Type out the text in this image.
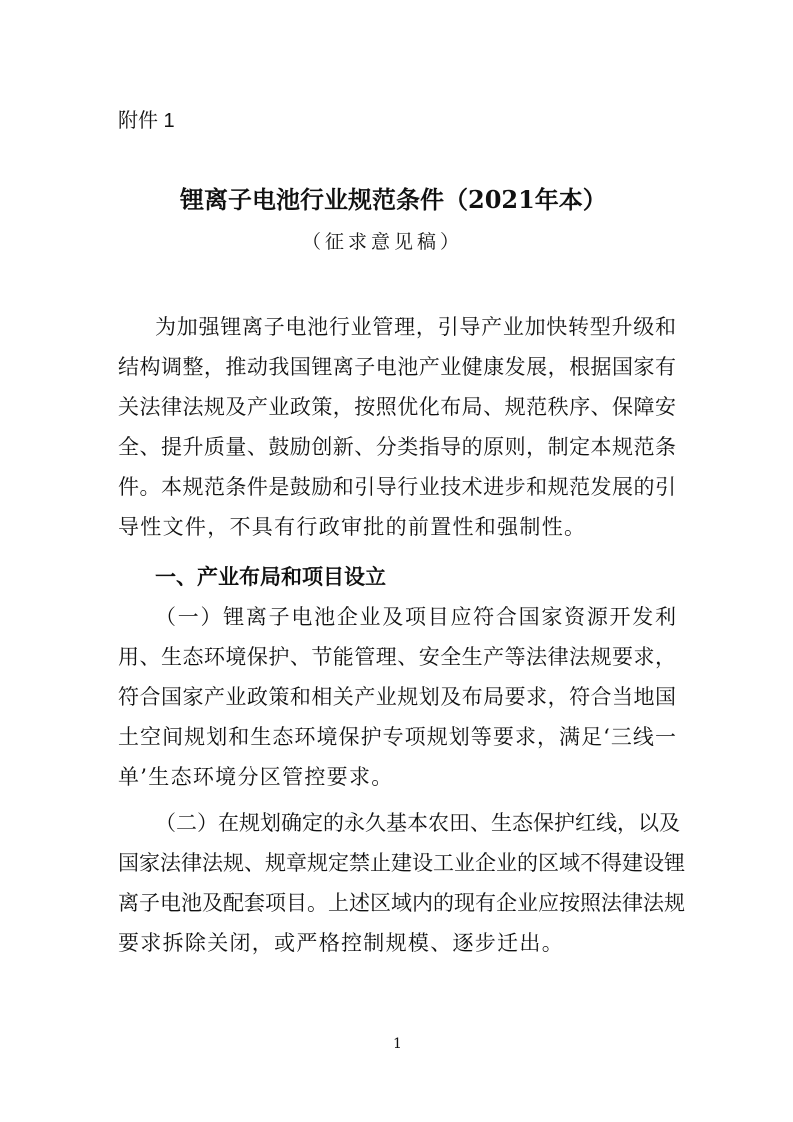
附件 1
锂离子电池行业规范条件（2021年本）
（征求意见稿）
为加强锂离子电池行业管理，引导产业加快转型升级和
结构调整，推动我国锂离子电池产业健康发展，根据国家有
关法律法规及产业政策，按照优化布局、规范秩序、保障安
全、提升质量、鼓励创新、分类指导的原则，制定本规范条
件。本规范条件是鼓励和引导行业技术进步和规范发展的引
导性文件，不具有行政审批的前置性和强制性。
一、产业布局和项目设立
（一）锂离子电池企业及项目应符合国家资源开发利
用、生态环境保护、节能管理、安全生产等法律法规要求，
符合国家产业政策和相关产业规划及布局要求，符合当地国
土空间规划和生态环境保护专项规划等要求，满足‘三线一
单’生态环境分区管控要求。
（二）在规划确定的永久基本农田、生态保护红线，以及
国家法律法规、规章规定禁止建设工业企业的区域不得建设锂
离子电池及配套项目。上述区域内的现有企业应按照法律法规
要求拆除关闭，或严格控制规模、逐步迁出。
1
